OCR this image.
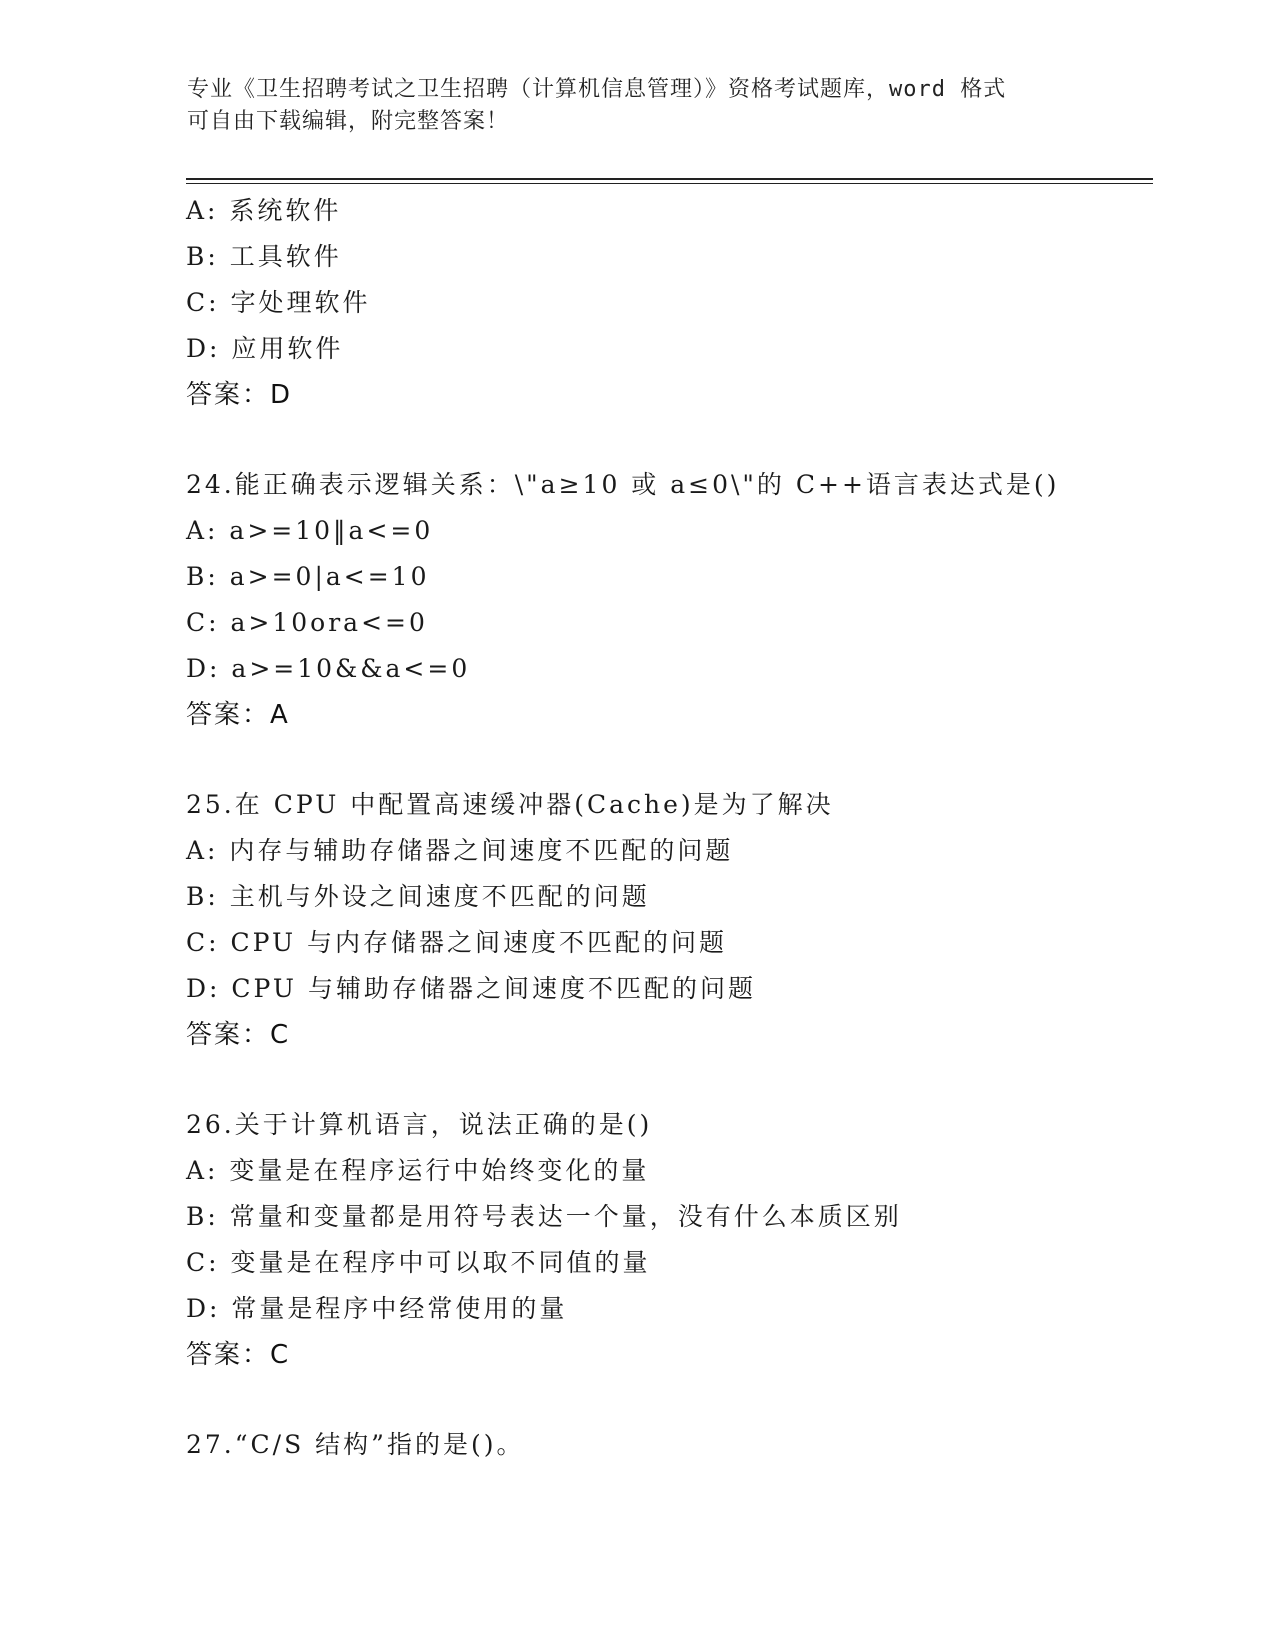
专业《卫生招聘考试之卫生招聘（计算机信息管理）》资格考试题库，word 格式
可自由下载编辑，附完整答案！
A: 系统软件
B: 工具软件
C: 字处理软件
D: 应用软件
答案：D
24.能正确表示逻辑关系：\"a≥10 或 a≤0\"的 C++语言表达式是()
A: a>=10‖a<=0
B: a>=0|a<=10
C: a>10ora<=0
D: a>=10&&a<=0
答案：A
25.在 CPU 中配置高速缓冲器(Cache)是为了解决
A: 内存与辅助存储器之间速度不匹配的问题
B: 主机与外设之间速度不匹配的问题
C: CPU 与内存储器之间速度不匹配的问题
D: CPU 与辅助存储器之间速度不匹配的问题
答案：C
26.关于计算机语言，说法正确的是()
A: 变量是在程序运行中始终变化的量
B: 常量和变量都是用符号表达一个量，没有什么本质区别
C: 变量是在程序中可以取不同值的量
D: 常量是程序中经常使用的量
答案：C
27.“C/S 结构”指的是()。
